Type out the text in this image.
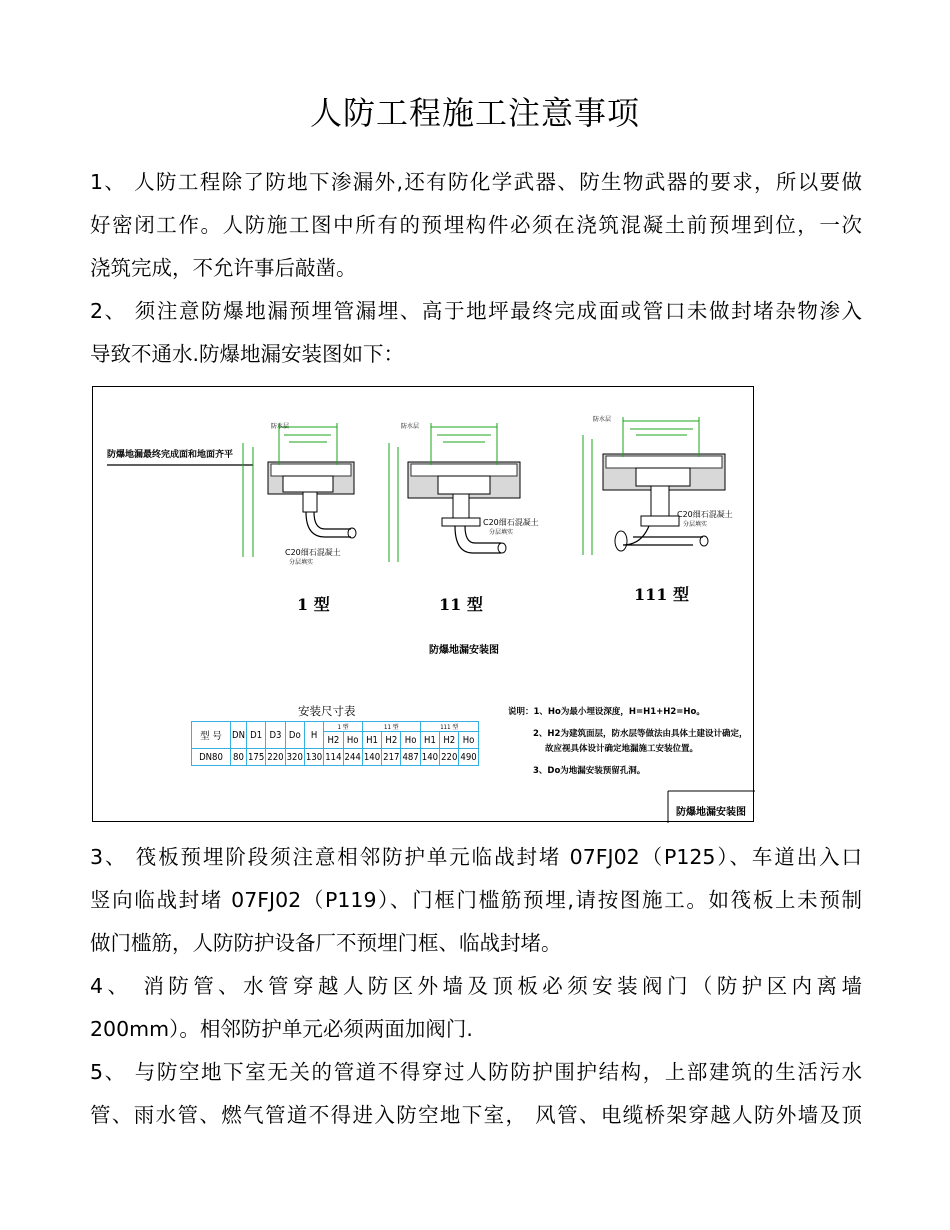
人防工程施工注意事项
1、 人防工程除了防地下渗漏外,还有防化学武器、防生物武器的要求，所以要做
好密闭工作。人防施工图中所有的预埋构件必须在浇筑混凝土前预埋到位，一次
浇筑完成，不允许事后敲凿。
2、 须注意防爆地漏预埋管漏埋、高于地坪最终完成面或管口未做封堵杂物渗入
导致不通水.防爆地漏安装图如下：
防爆地漏最终完成面和地面齐平
防水层	防水层
防水层
C20细石混凝土
分层填实
C20细石混凝土
分层填实
C20细石混凝土
分层填实
1 型	11 型
111 型
防爆地漏安装图
安装尺寸表
型 号	DN	D1	D3	Do	H	1 型		11 型			111 型		
						H2	Ho	H1	H2	Ho	H1	H2	Ho
DN80	80	175	220	320	130	114	244	140	217	487	140	220	490
说明：1、Ho为最小埋设深度，H=H1+H2=Ho。
2、H2为建筑面层，防水层等做法由具体土建设计确定，
故应视具体设计确定地漏施工安装位置。
3、Do为地漏安装预留孔洞。
防爆地漏安装图
3、 筏板预埋阶段须注意相邻防护单元临战封堵 07FJ02（P125）、车道出入口
竖向临战封堵 07FJ02（P119）、门框门槛筋预埋,请按图施工。如筏板上未预制
做门槛筋，人防防护设备厂不预埋门框、临战封堵。
4、 消防管、水管穿越人防区外墙及顶板必须安装阀门（防护区内离墙
200mm）。相邻防护单元必须两面加阀门.
5、 与防空地下室无关的管道不得穿过人防防护围护结构，上部建筑的生活污水
管、雨水管、燃气管道不得进入防空地下室， 风管、电缆桥架穿越人防外墙及顶
